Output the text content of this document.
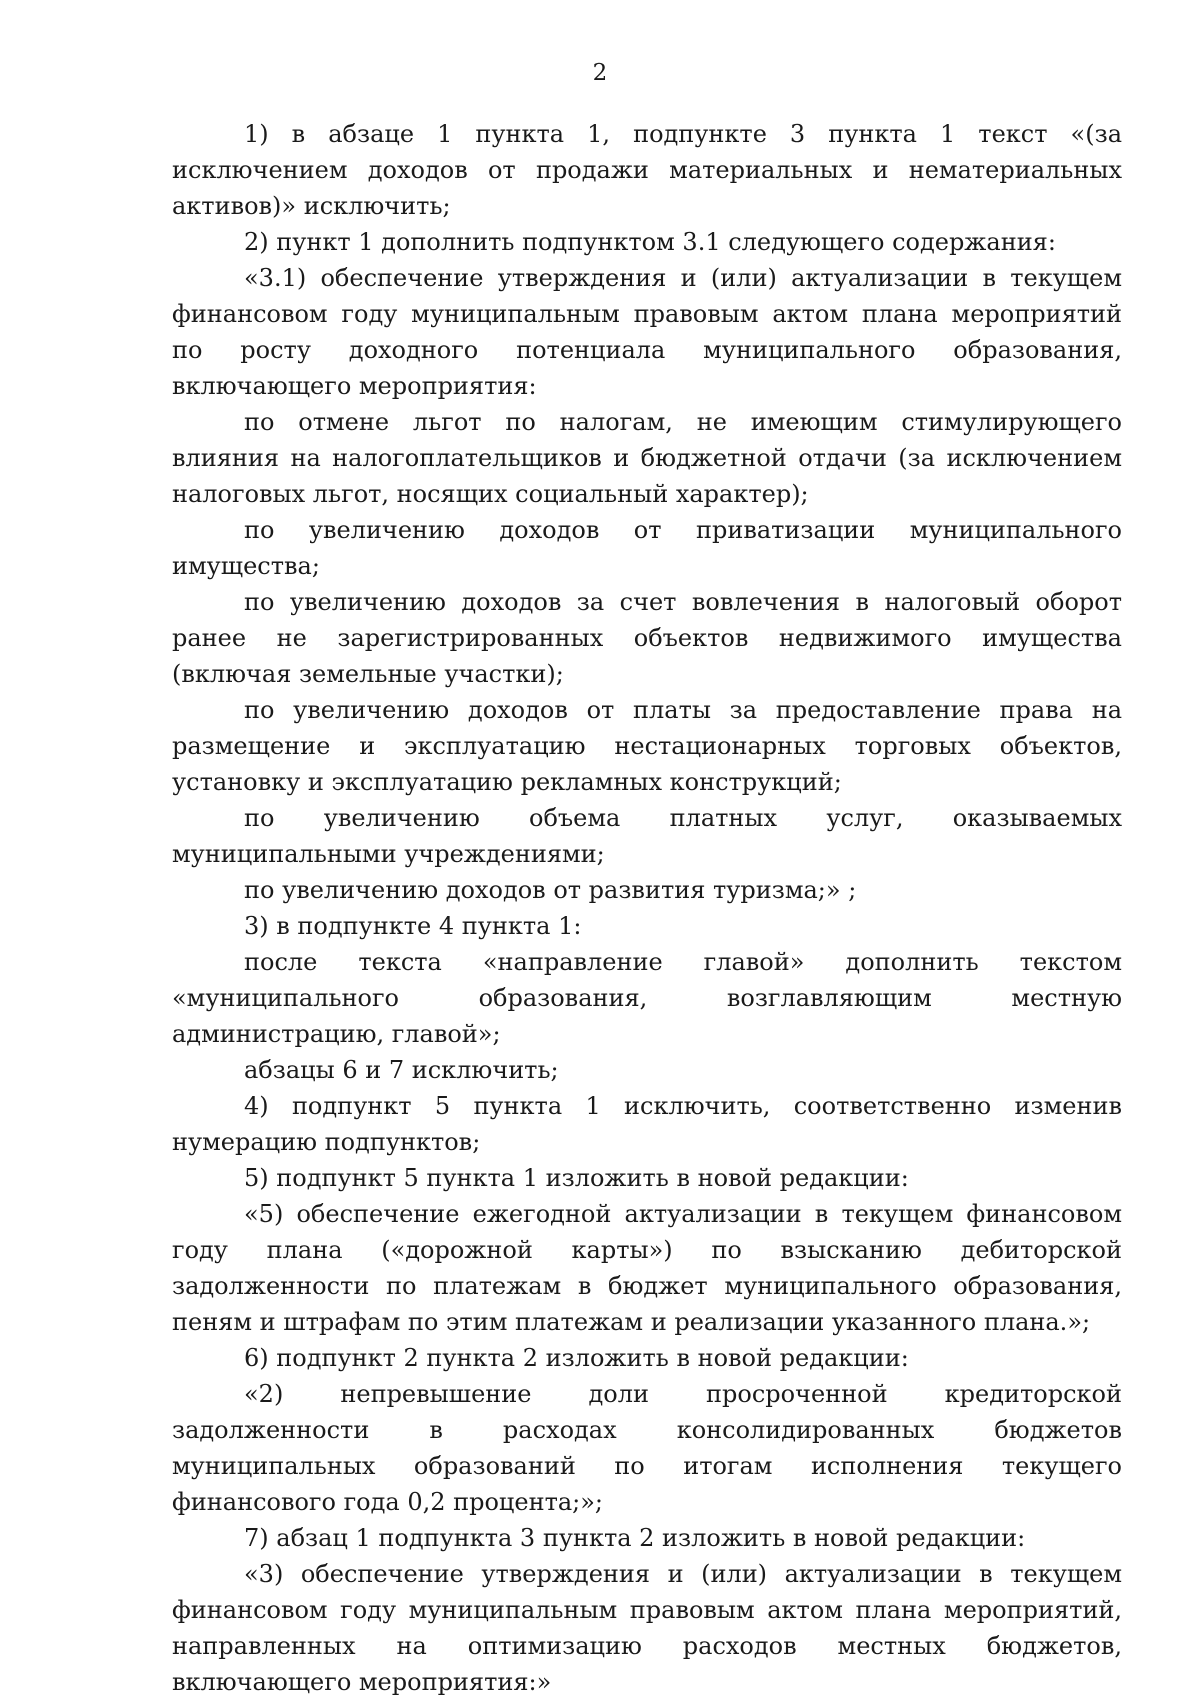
2

1) в абзаце 1 пункта 1, подпункте 3 пункта 1 текст «(за исключением доходов от продажи материальных и нематериальных активов)» исключить;

2) пункт 1 дополнить подпунктом 3.1 следующего содержания:

«3.1) обеспечение утверждения и (или) актуализации в текущем финансовом году муниципальным правовым актом плана мероприятий по росту доходного потенциала муниципального образования, включающего мероприятия:

по отмене льгот по налогам, не имеющим стимулирующего влияния на налогоплательщиков и бюджетной отдачи (за исключением налоговых льгот, носящих социальный характер);

по увеличению доходов от приватизации муниципального имущества;

по увеличению доходов за счет вовлечения в налоговый оборот ранее не зарегистрированных объектов недвижимого имущества (включая земельные участки);

по увеличению доходов от платы за предоставление права на размещение и эксплуатацию нестационарных торговых объектов, установку и эксплуатацию рекламных конструкций;

по увеличению объема платных услуг, оказываемых муниципальными учреждениями;

по увеличению доходов от развития туризма;» ;

3) в подпункте 4 пункта 1:

после текста «направление главой» дополнить текстом «муниципального образования, возглавляющим местную администрацию, главой»;

абзацы 6 и 7 исключить;

4) подпункт 5 пункта 1 исключить, соответственно изменив нумерацию подпунктов;

5) подпункт 5 пункта 1 изложить в новой редакции:

«5) обеспечение ежегодной актуализации в текущем финансовом году плана («дорожной карты») по взысканию дебиторской задолженности по платежам в бюджет муниципального образования, пеням и штрафам по этим платежам и реализации указанного плана.»;

6) подпункт 2 пункта 2 изложить в новой редакции:

«2) непревышение доли просроченной кредиторской задолженности в расходах консолидированных бюджетов муниципальных образований по итогам исполнения текущего финансового года 0,2 процента;»;

7) абзац 1 подпункта 3 пункта 2 изложить в новой редакции:

«3) обеспечение утверждения и (или) актуализации в текущем финансовом году муниципальным правовым актом плана мероприятий, направленных на оптимизацию расходов местных бюджетов, включающего мероприятия:»
